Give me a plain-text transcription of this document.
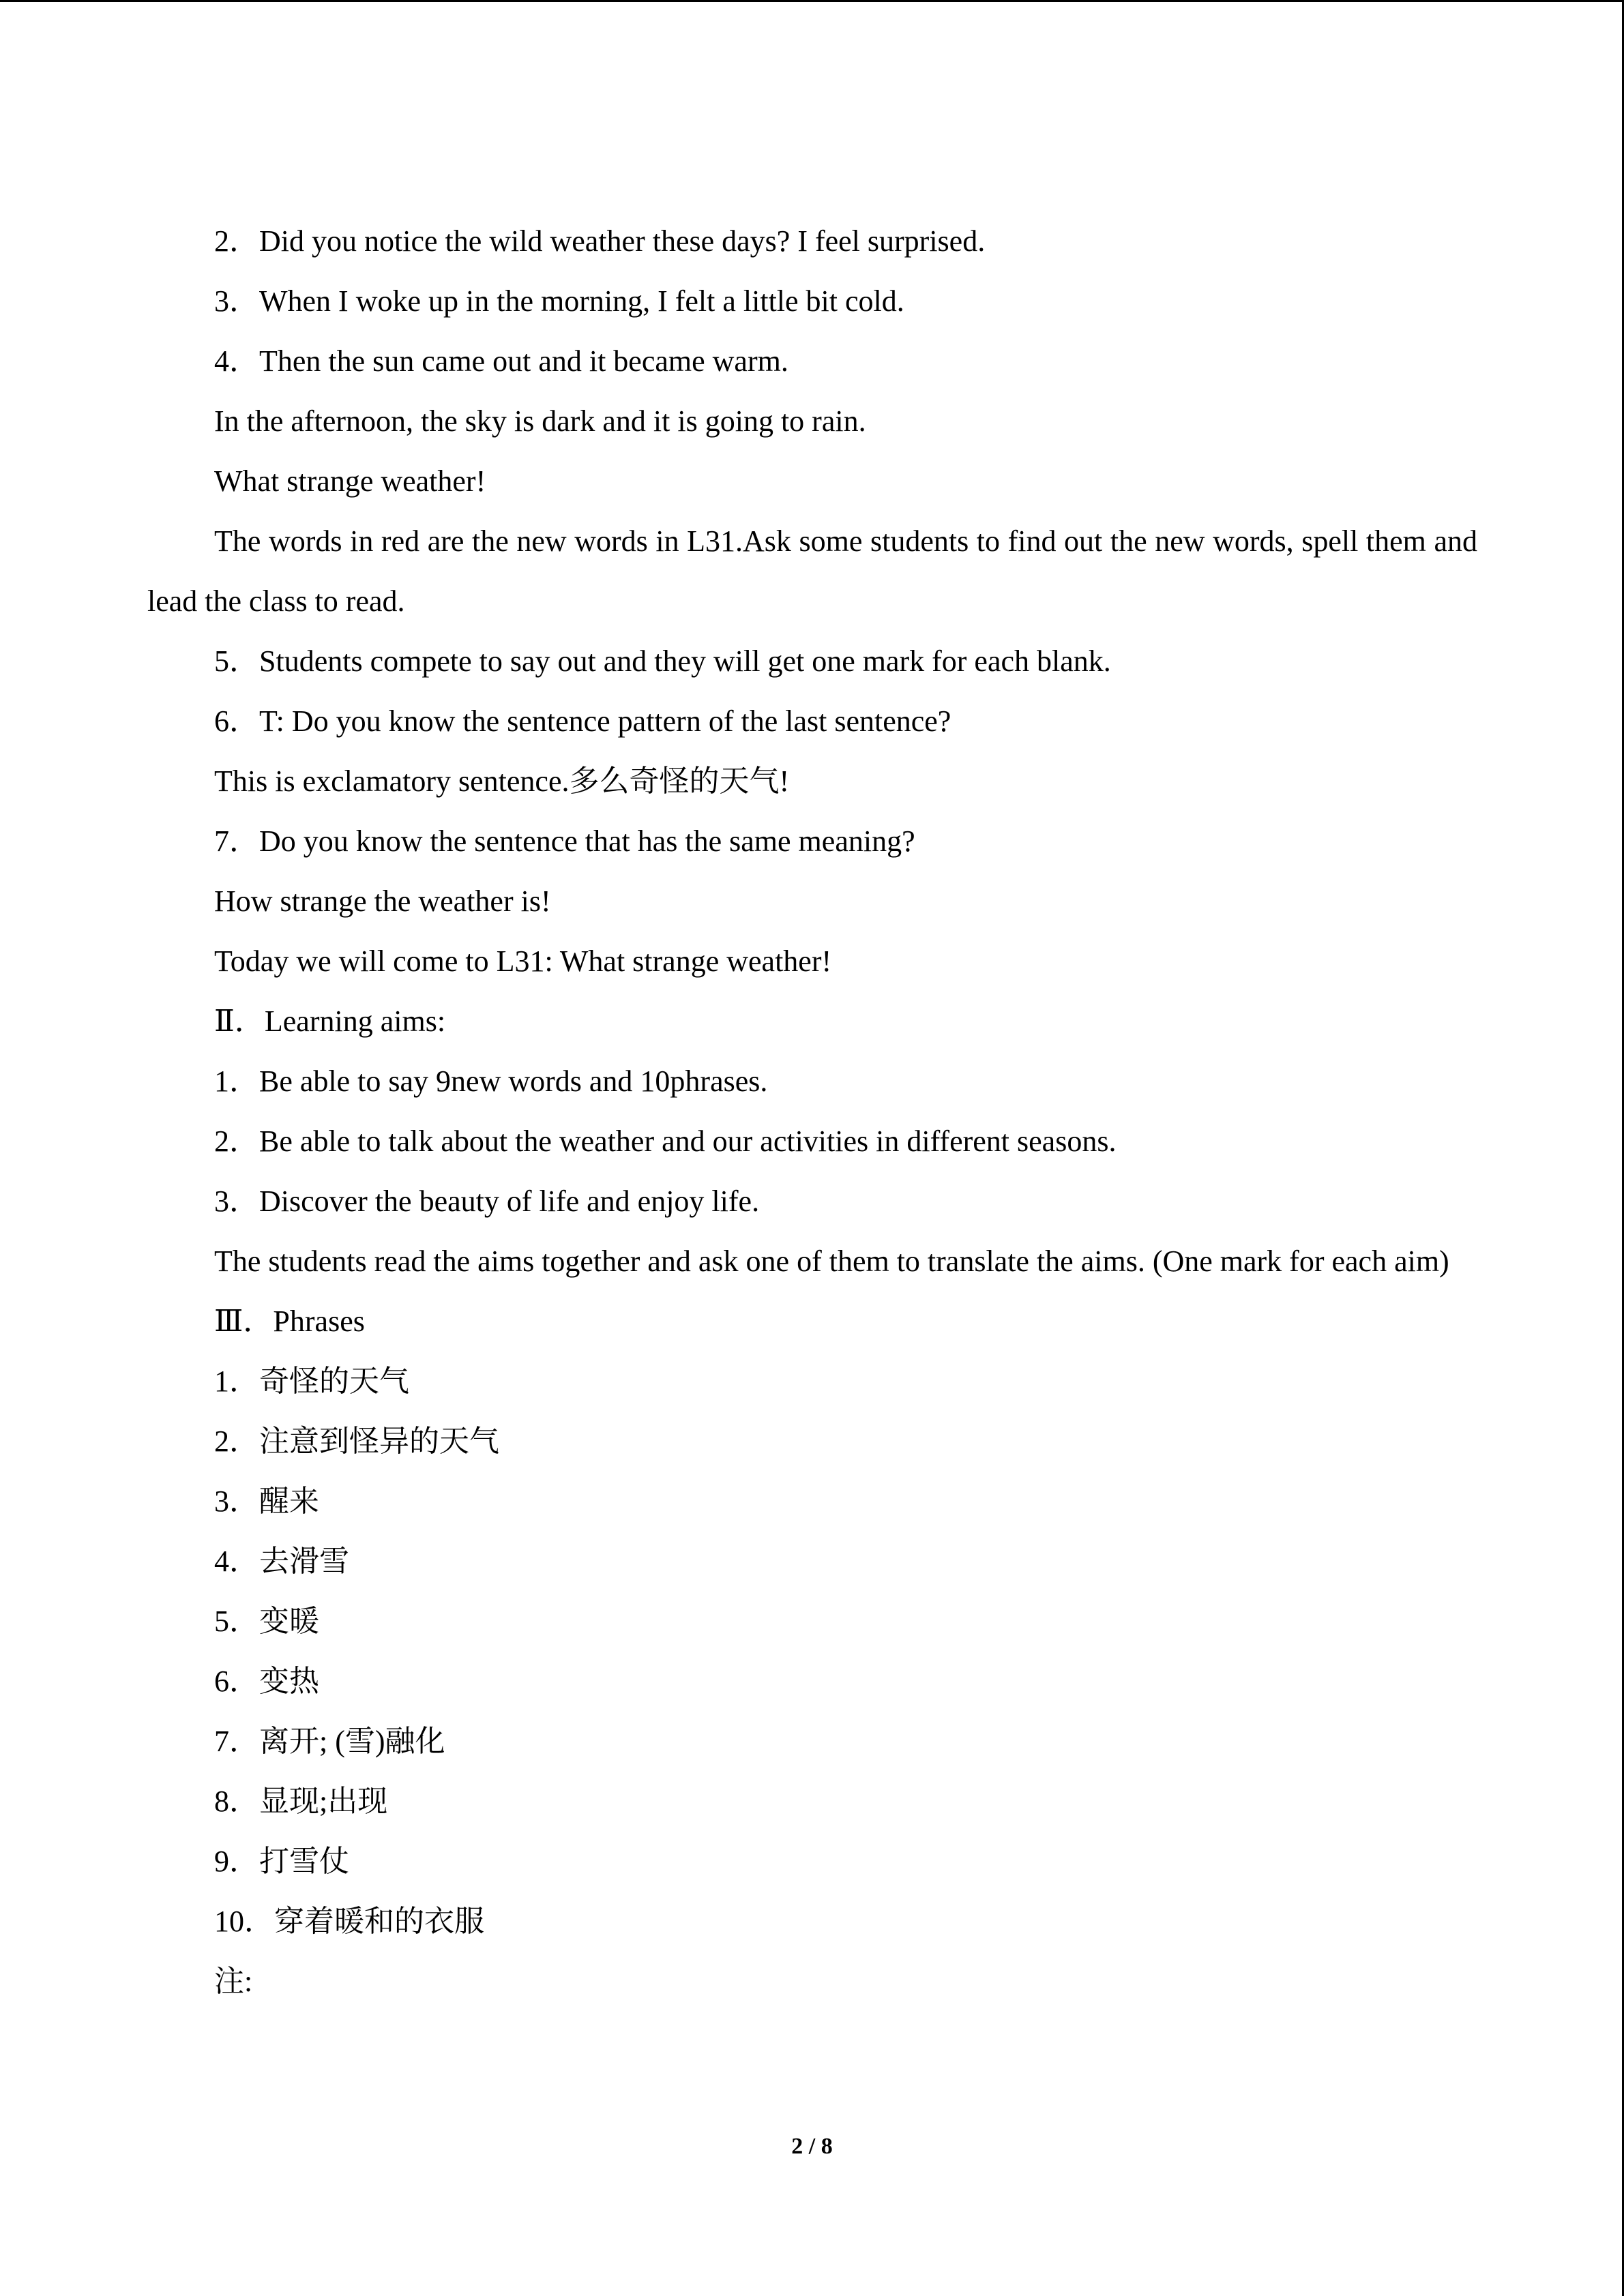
2．Did you notice the wild weather these days? I feel surprised.
3．When I woke up in the morning, I felt a little bit cold.
4．Then the sun came out and it became warm.
In the afternoon, the sky is dark and it is going to rain.
What strange weather!
The words in red are the new words in L31.Ask some students to find out the new words, spell them and lead the class to read.
5．Students compete to say out and they will get one mark for each blank.
6．T: Do you know the sentence pattern of the last sentence?
This is exclamatory sentence.多么奇怪的天气!
7．Do you know the sentence that has the same meaning?
How strange the weather is!
Today we will come to L31: What strange weather!
Ⅱ．Learning aims:
1．Be able to say 9new words and 10phrases.
2．Be able to talk about the weather and our activities in different seasons.
3．Discover the beauty of life and enjoy life.
The students read the aims together and ask one of them to translate the aims. (One mark for each aim)
Ⅲ．Phrases
1．奇怪的天气
2．注意到怪异的天气
3．醒来
4．去滑雪
5．变暖
6．变热
7．离开; (雪)融化
8．显现;出现
9．打雪仗
10．穿着暖和的衣服
注:
2 / 8
